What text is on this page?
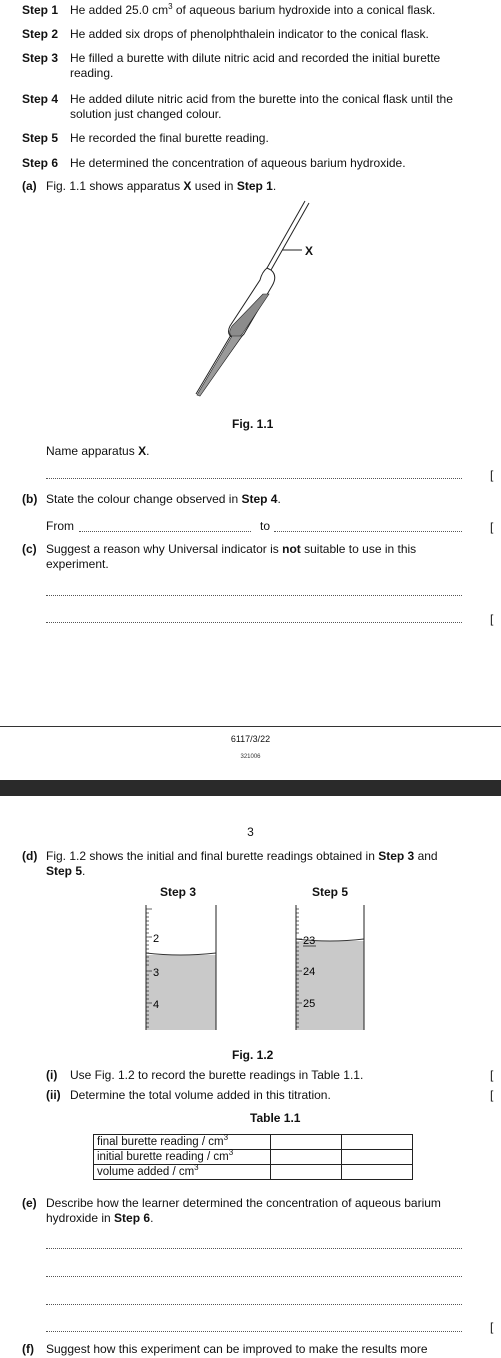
Step 1 He added 25.0 $cm^3$ of aqueous barium hydroxide into a conical flask.
Step 2 He added six drops of phenolphthalein indicator to the conical flask.
Step 3 He filled a burette with dilute nitric acid and recorded the initial burette
reading.
Step 4 He added dilute nitric acid from the burette into the conical flask until the
solution just changed colour.
Step 5 He recorded the final burette reading.
Step 6 He determined the concentration of aqueous barium hydroxide.
(a) Fig. 1.1 shows apparatus X used in Step 1.
X
Fig. 1.1
Name apparatus X.
[
(b) State the colour change observed in Step 4.
From	to	[
(c) Suggest a reason why Universal indicator is not suitable to use in this
experiment.
[
6117/3/22
321006
3
(d) Fig. 1.2 shows the initial and final burette readings obtained in Step 3 and
Step 5.
Step 3	Step 5
2
3
4
23
24
25
Fig. 1.2
(i) Use Fig. 1.2 to record the burette readings in Table 1.1.	[
(ii) Determine the total volume added in this titration.	[
Table 1.1
final burette reading / $cm^3$		
initial burette reading / $cm^3$		
volume added / $cm^3$		
(e) Describe how the learner determined the concentration of aqueous barium
hydroxide in Step 6.
[
(f) Suggest how this experiment can be improved to make the results more
